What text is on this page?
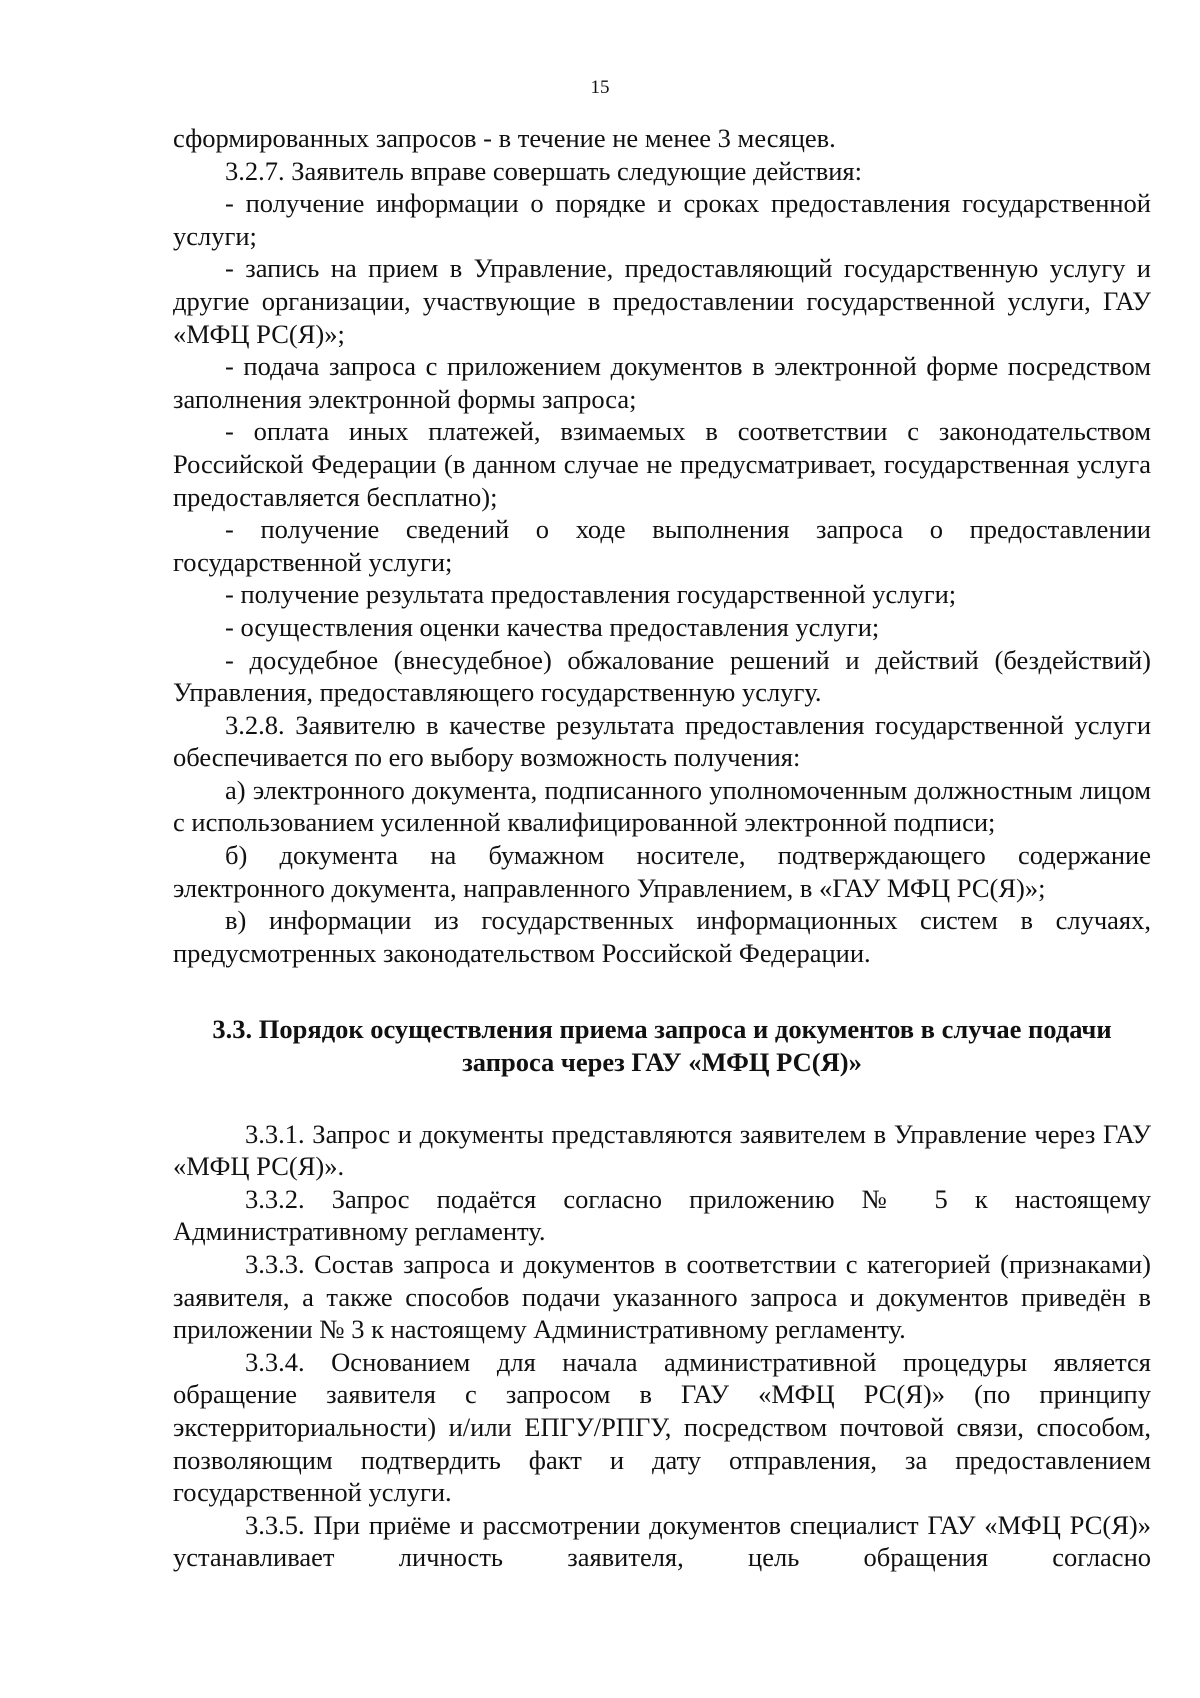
15

сформированных запросов - в течение не менее 3 месяцев.

3.2.7. Заявитель вправе совершать следующие действия:

- получение информации о порядке и сроках предоставления государственной услуги;

- запись на прием в Управление, предоставляющий государственную услугу и другие организации, участвующие в предоставлении государственной услуги, ГАУ «МФЦ РС(Я)»;

- подача запроса с приложением документов в электронной форме посредством заполнения электронной формы запроса;

- оплата иных платежей, взимаемых в соответствии с законодательством Российской Федерации (в данном случае не предусматривает, государственная услуга предоставляется бесплатно);

- получение сведений о ходе выполнения запроса о предоставлении государственной услуги;

- получение результата предоставления государственной услуги;

- осуществления оценки качества предоставления услуги;

- досудебное (внесудебное) обжалование решений и действий (бездействий) Управления, предоставляющего государственную услугу.

3.2.8. Заявителю в качестве результата предоставления государственной услуги обеспечивается по его выбору возможность получения:

а) электронного документа, подписанного уполномоченным должностным лицом с использованием усиленной квалифицированной электронной подписи;

б) документа на бумажном носителе, подтверждающего содержание электронного документа, направленного Управлением, в «ГАУ МФЦ РС(Я)»;

в) информации из государственных информационных систем в случаях, предусмотренных законодательством Российской Федерации.

3.3. Порядок осуществления приема запроса и документов в случае подачи
запроса через ГАУ «МФЦ РС(Я)»

3.3.1. Запрос и документы представляются заявителем в Управление через ГАУ «МФЦ РС(Я)».

3.3.2. Запрос подаётся согласно приложению № 5 к настоящему Административному регламенту.

3.3.3. Состав запроса и документов в соответствии с категорией (признаками) заявителя, а также способов подачи указанного запроса и документов приведён в приложении № 3 к настоящему Административному регламенту.

3.3.4. Основанием для начала административной процедуры является обращение заявителя с запросом в ГАУ «МФЦ РС(Я)» (по принципу экстерриториальности) и/или ЕПГУ/РПГУ, посредством почтовой связи, способом, позволяющим подтвердить факт и дату отправления, за предоставлением государственной услуги.

3.3.5. При приёме и рассмотрении документов специалист ГАУ «МФЦ РС(Я)» устанавливает личность заявителя, цель обращения согласно
